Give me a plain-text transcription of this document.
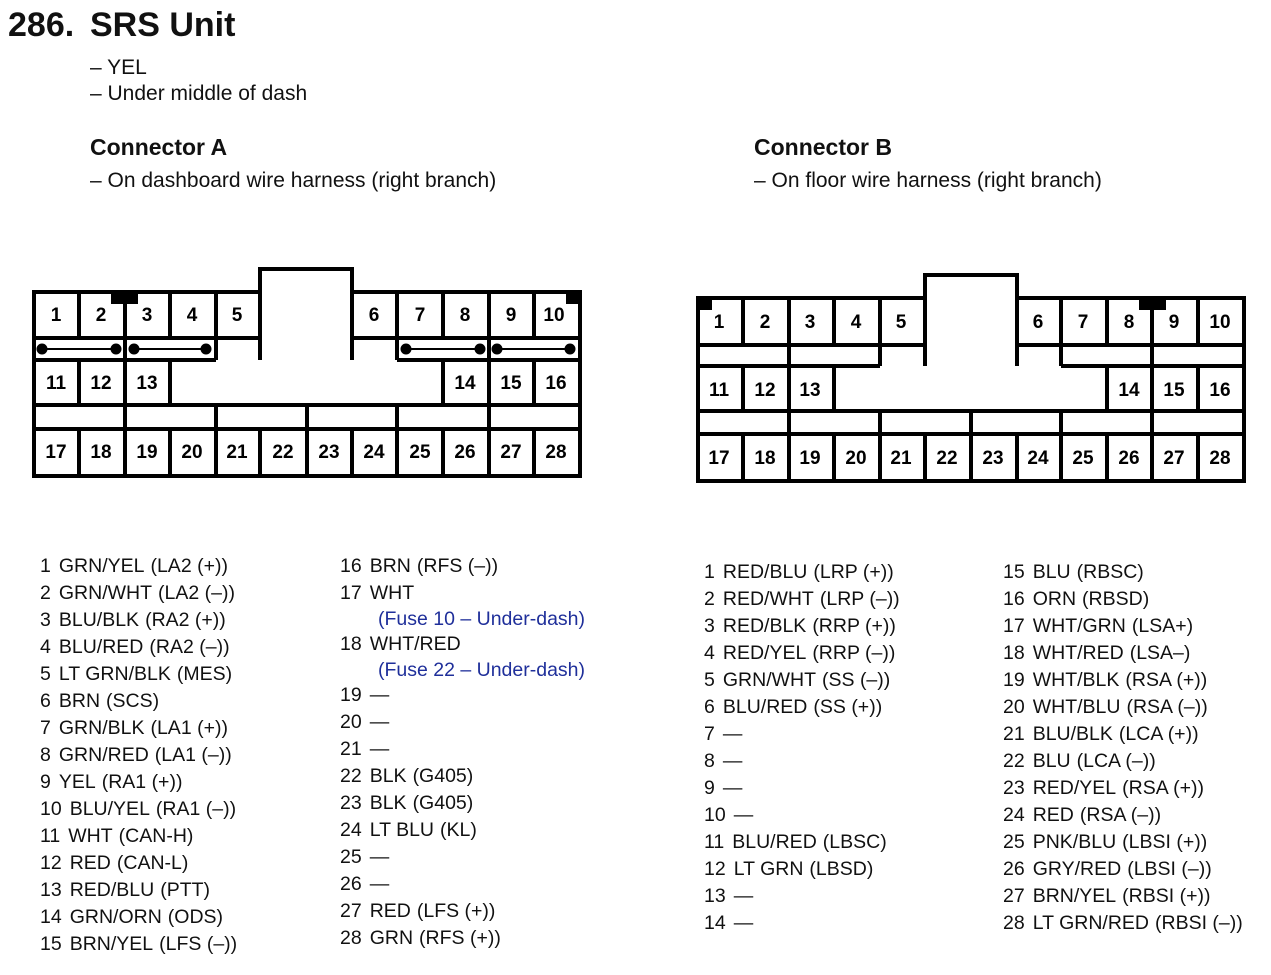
286. SRS Unit
– YEL
– Under middle of dash
Connector A
– On dashboard wire harness (right branch)
Connector B
– On floor wire harness (right branch)
1 2 3 4 5	6 7 8 9 10
11 12 13	14 15 16
17 18 19 20 21 22 23 24 25 26 27 28
1 2 3 4 5	6 7 8 9 10
11 12 13	14 15 16
17 18 19 20 21 22 23 24 25 26 27 28
1 GRN/YEL (LA2 (+))
2 GRN/WHT (LA2 (–))
3 BLU/BLK (RA2 (+))
4 BLU/RED (RA2 (–))
5 LT GRN/BLK (MES)
6 BRN (SCS)
7 GRN/BLK (LA1 (+))
8 GRN/RED (LA1 (–))
9 YEL (RA1 (+))
10 BLU/YEL (RA1 (–))
11 WHT (CAN-H)
12 RED (CAN-L)
13 RED/BLU (PTT)
14 GRN/ORN (ODS)
15 BRN/YEL (LFS (–))
16 BRN (RFS (–))
17 WHT
(Fuse 10 – Under-dash)
18 WHT/RED
(Fuse 22 – Under-dash)
19 —
20 —
21 —
22 BLK (G405)
23 BLK (G405)
24 LT BLU (KL)
25 —
26 —
27 RED (LFS (+))
28 GRN (RFS (+))
1 RED/BLU (LRP (+))
2 RED/WHT (LRP (–))
3 RED/BLK (RRP (+))
4 RED/YEL (RRP (–))
5 GRN/WHT (SS (–))
6 BLU/RED (SS (+))
7 —
8 —
9 —
10 —
11 BLU/RED (LBSC)
12 LT GRN (LBSD)
13 —
14 —
15 BLU (RBSC)
16 ORN (RBSD)
17 WHT/GRN (LSA+)
18 WHT/RED (LSA–)
19 WHT/BLK (RSA (+))
20 WHT/BLU (RSA (–))
21 BLU/BLK (LCA (+))
22 BLU (LCA (–))
23 RED/YEL (RSA (+))
24 RED (RSA (–))
25 PNK/BLU (LBSI (+))
26 GRY/RED (LBSI (–))
27 BRN/YEL (RBSI (+))
28 LT GRN/RED (RBSI (–))
